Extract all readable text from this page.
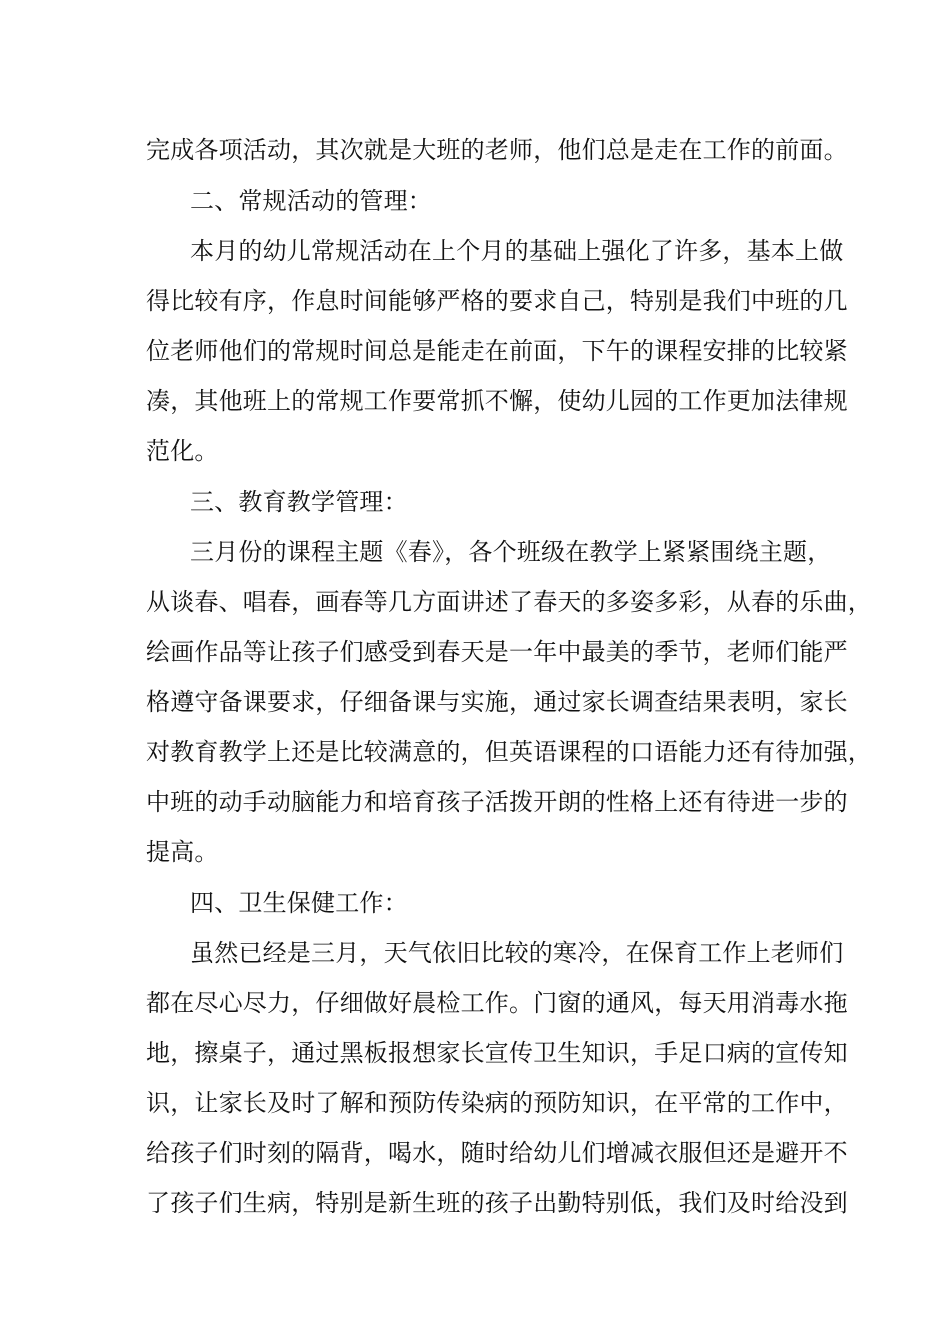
完成各项活动，其次就是大班的老师，他们总是走在工作的前面。
二、常规活动的管理：
本月的幼儿常规活动在上个月的基础上强化了许多，基本上做
得比较有序，作息时间能够严格的要求自己，特别是我们中班的几
位老师他们的常规时间总是能走在前面，下午的课程安排的比较紧
凑，其他班上的常规工作要常抓不懈，使幼儿园的工作更加法律规
范化。
三、教育教学管理：
三月份的课程主题《春》，各个班级在教学上紧紧围绕主题，
从谈春、唱春，画春等几方面讲述了春天的多姿多彩，从春的乐曲，
绘画作品等让孩子们感受到春天是一年中最美的季节，老师们能严
格遵守备课要求，仔细备课与实施，通过家长调查结果表明，家长
对教育教学上还是比较满意的，但英语课程的口语能力还有待加强，
中班的动手动脑能力和培育孩子活拨开朗的性格上还有待进一步的
提高。
四、卫生保健工作：
虽然已经是三月，天气依旧比较的寒冷，在保育工作上老师们
都在尽心尽力，仔细做好晨检工作。门窗的通风，每天用消毒水拖
地，擦桌子，通过黑板报想家长宣传卫生知识，手足口病的宣传知
识，让家长及时了解和预防传染病的预防知识，在平常的工作中，
给孩子们时刻的隔背，喝水，随时给幼儿们增减衣服但还是避开不
了孩子们生病，特别是新生班的孩子出勤特别低，我们及时给没到
